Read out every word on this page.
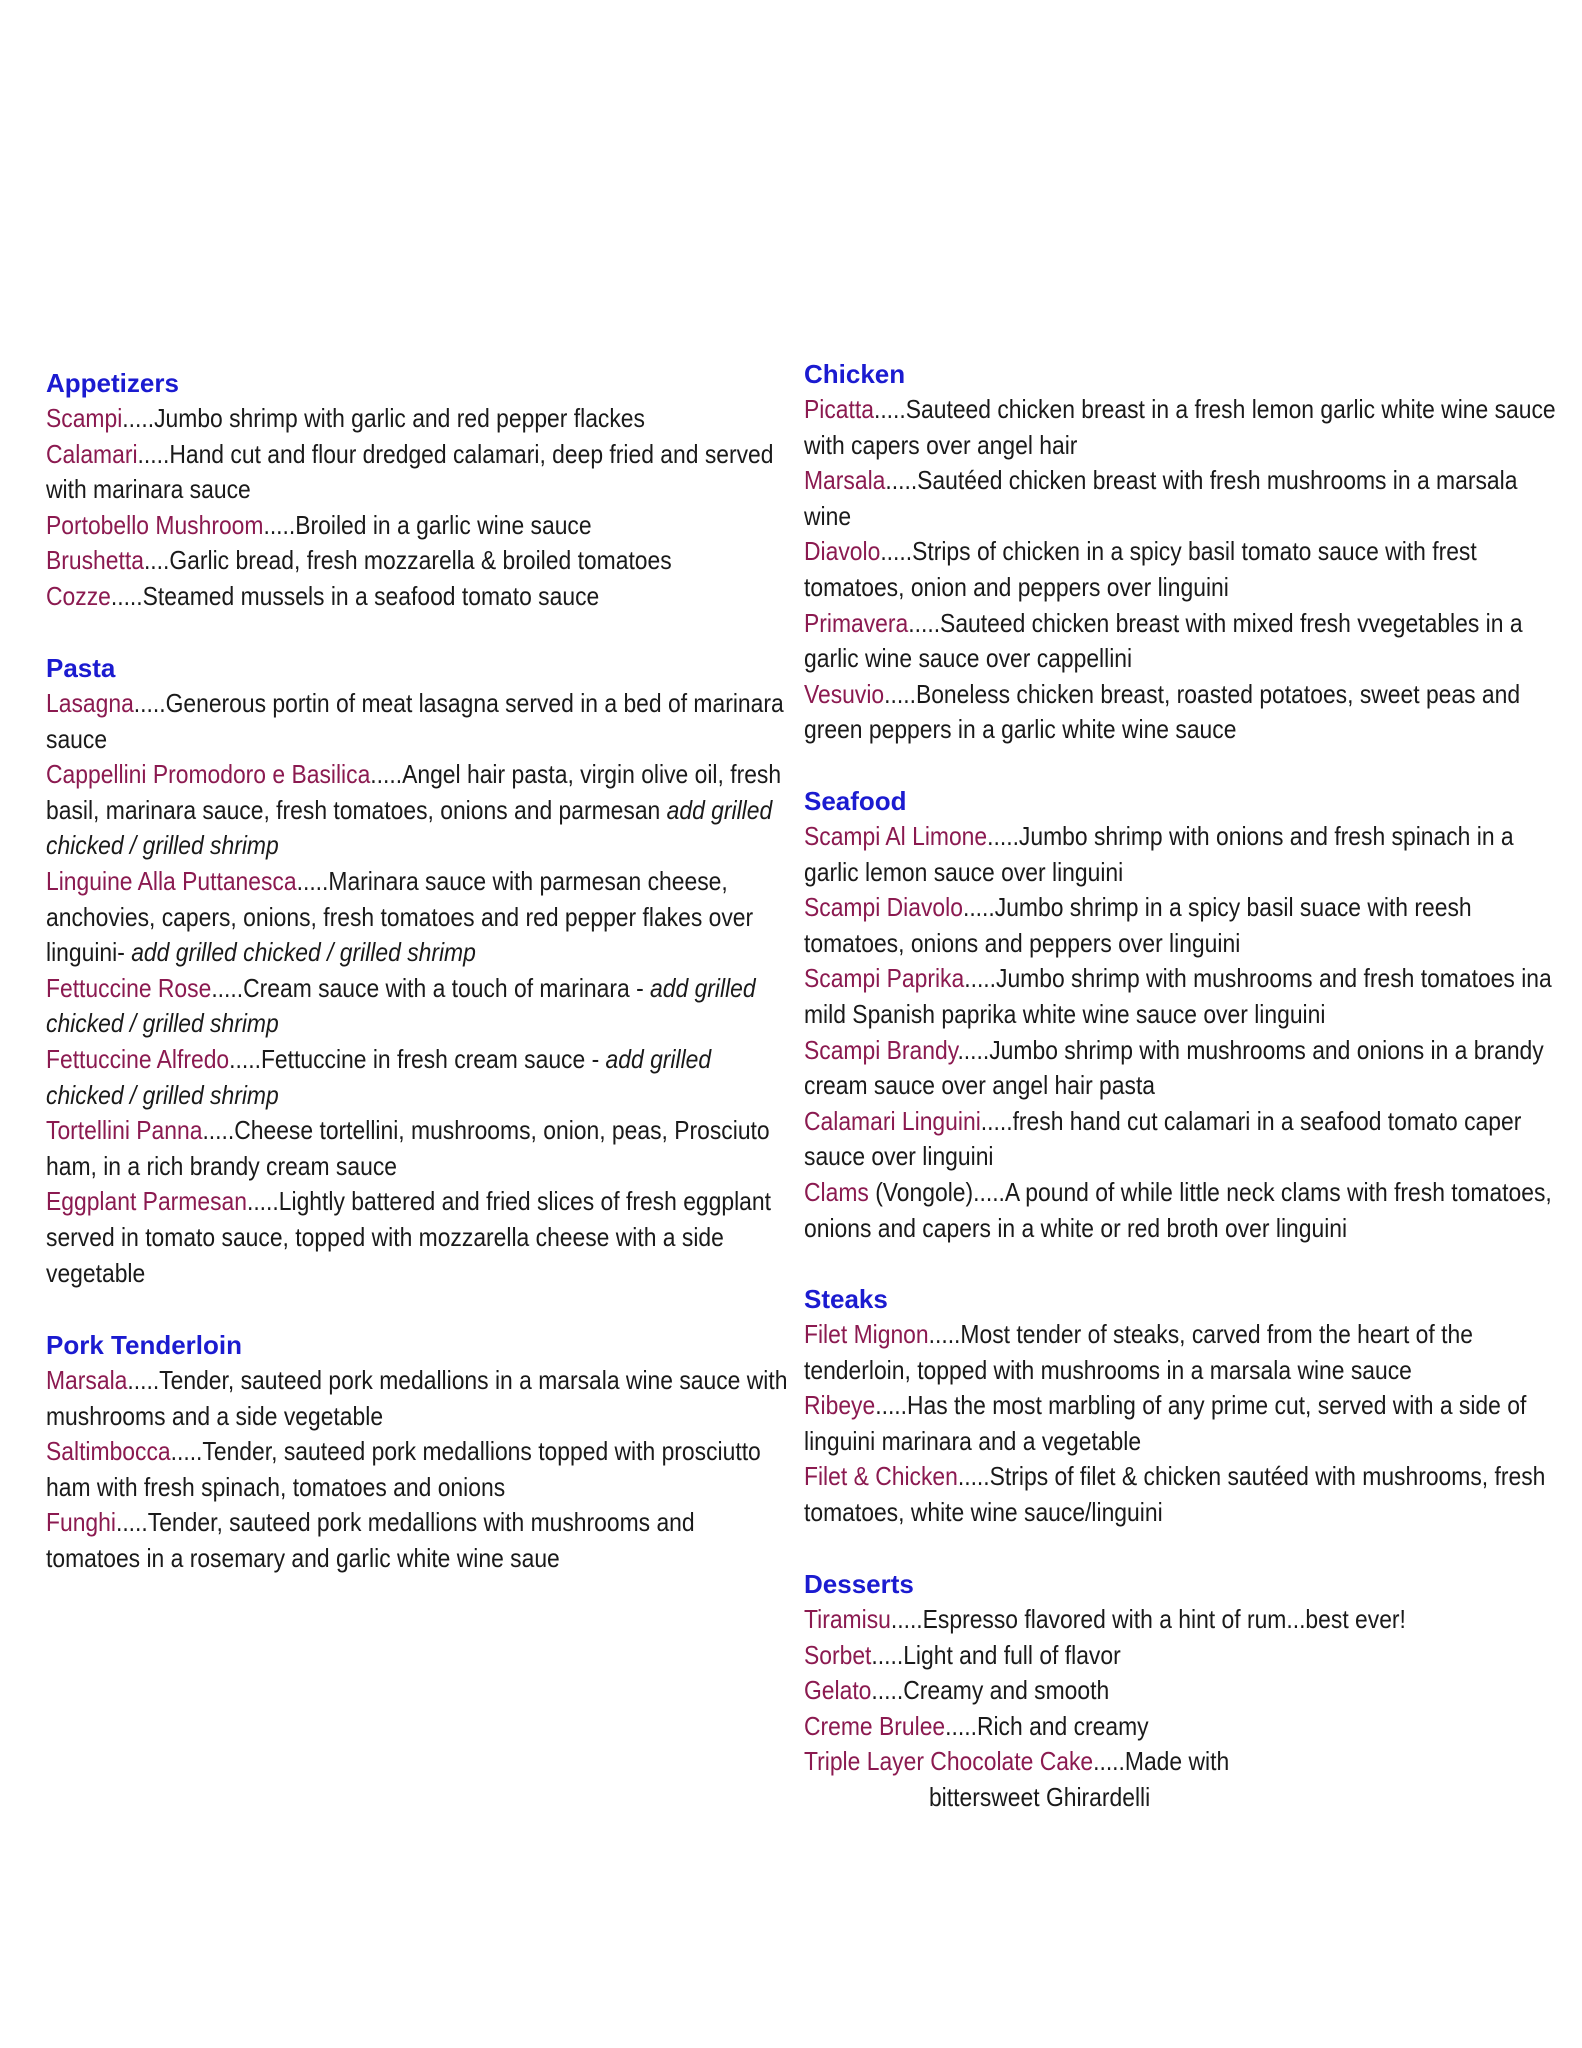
Appetizers
Scampi.....Jumbo shrimp with garlic and red pepper flackes
Calamari.....Hand cut and flour dredged calamari, deep fried and served with marinara sauce
Portobello Mushroom.....Broiled in a garlic wine sauce
Brushetta....Garlic bread, fresh mozzarella & broiled tomatoes
Cozze.....Steamed mussels in a seafood tomato sauce
Pasta
Lasagna.....Generous portin of meat lasagna served in a bed of marinara sauce
Cappellini Promodoro e Basilica.....Angel hair pasta, virgin olive oil, fresh basil, marinara sauce, fresh tomatoes, onions and parmesan add grilled chicked / grilled shrimp
Linguine Alla Puttanesca.....Marinara sauce with parmesan cheese, anchovies, capers, onions, fresh tomatoes and red pepper flakes over linguini- add grilled chicked / grilled shrimp
Fettuccine Rose.....Cream sauce with a touch of marinara - add grilled chicked / grilled shrimp
Fettuccine Alfredo.....Fettuccine in fresh cream sauce - add grilled chicked / grilled shrimp
Tortellini Panna.....Cheese tortellini, mushrooms, onion, peas, Prosciuto ham, in a rich brandy cream sauce
Eggplant Parmesan.....Lightly battered and fried slices of fresh eggplant served in tomato sauce, topped with mozzarella cheese with a side vegetable
Pork Tenderloin
Marsala.....Tender, sauteed pork medallions in a marsala wine sauce with mushrooms and a side vegetable
Saltimbocca.....Tender, sauteed pork medallions topped with prosciutto ham with fresh spinach, tomatoes and onions
Funghi.....Tender, sauteed pork medallions with mushrooms and tomatoes in a rosemary and garlic white wine saue
Chicken
Picatta.....Sauteed chicken breast in a fresh lemon garlic white wine sauce with capers over angel hair
Marsala.....Sautéed chicken breast with fresh mushrooms in a marsala wine
Diavolo.....Strips of chicken in a spicy basil tomato sauce with frest tomatoes, onion and peppers over linguini
Primavera.....Sauteed chicken breast with mixed fresh vvegetables in a garlic wine sauce over cappellini
Vesuvio.....Boneless chicken breast, roasted potatoes, sweet peas and green peppers in a garlic white wine sauce
Seafood
Scampi Al Limone.....Jumbo shrimp with onions and fresh spinach in a garlic lemon sauce over linguini
Scampi Diavolo.....Jumbo shrimp in a spicy basil suace with reesh tomatoes, onions and peppers over linguini
Scampi Paprika.....Jumbo shrimp with mushrooms and fresh tomatoes ina mild Spanish paprika white wine sauce over linguini
Scampi Brandy.....Jumbo shrimp with mushrooms and onions in a brandy cream sauce over angel hair pasta
Calamari Linguini.....fresh hand cut calamari in a seafood tomato caper sauce over linguini
Clams (Vongole).....A pound of while little neck clams with fresh tomatoes, onions and capers in a white or red broth over linguini
Steaks
Filet Mignon.....Most tender of steaks, carved from the heart of the tenderloin, topped with mushrooms in a marsala wine sauce
Ribeye.....Has the most marbling of any prime cut, served with a side of linguini marinara and a vegetable
Filet & Chicken.....Strips of filet & chicken sautéed with mushrooms, fresh tomatoes, white wine sauce/linguini
Desserts
Tiramisu.....Espresso flavored with a hint of rum...best ever!
Sorbet.....Light and full of flavor
Gelato.....Creamy and smooth
Creme Brulee.....Rich and creamy
Triple Layer Chocolate Cake.....Made with
bittersweet Ghirardelli
